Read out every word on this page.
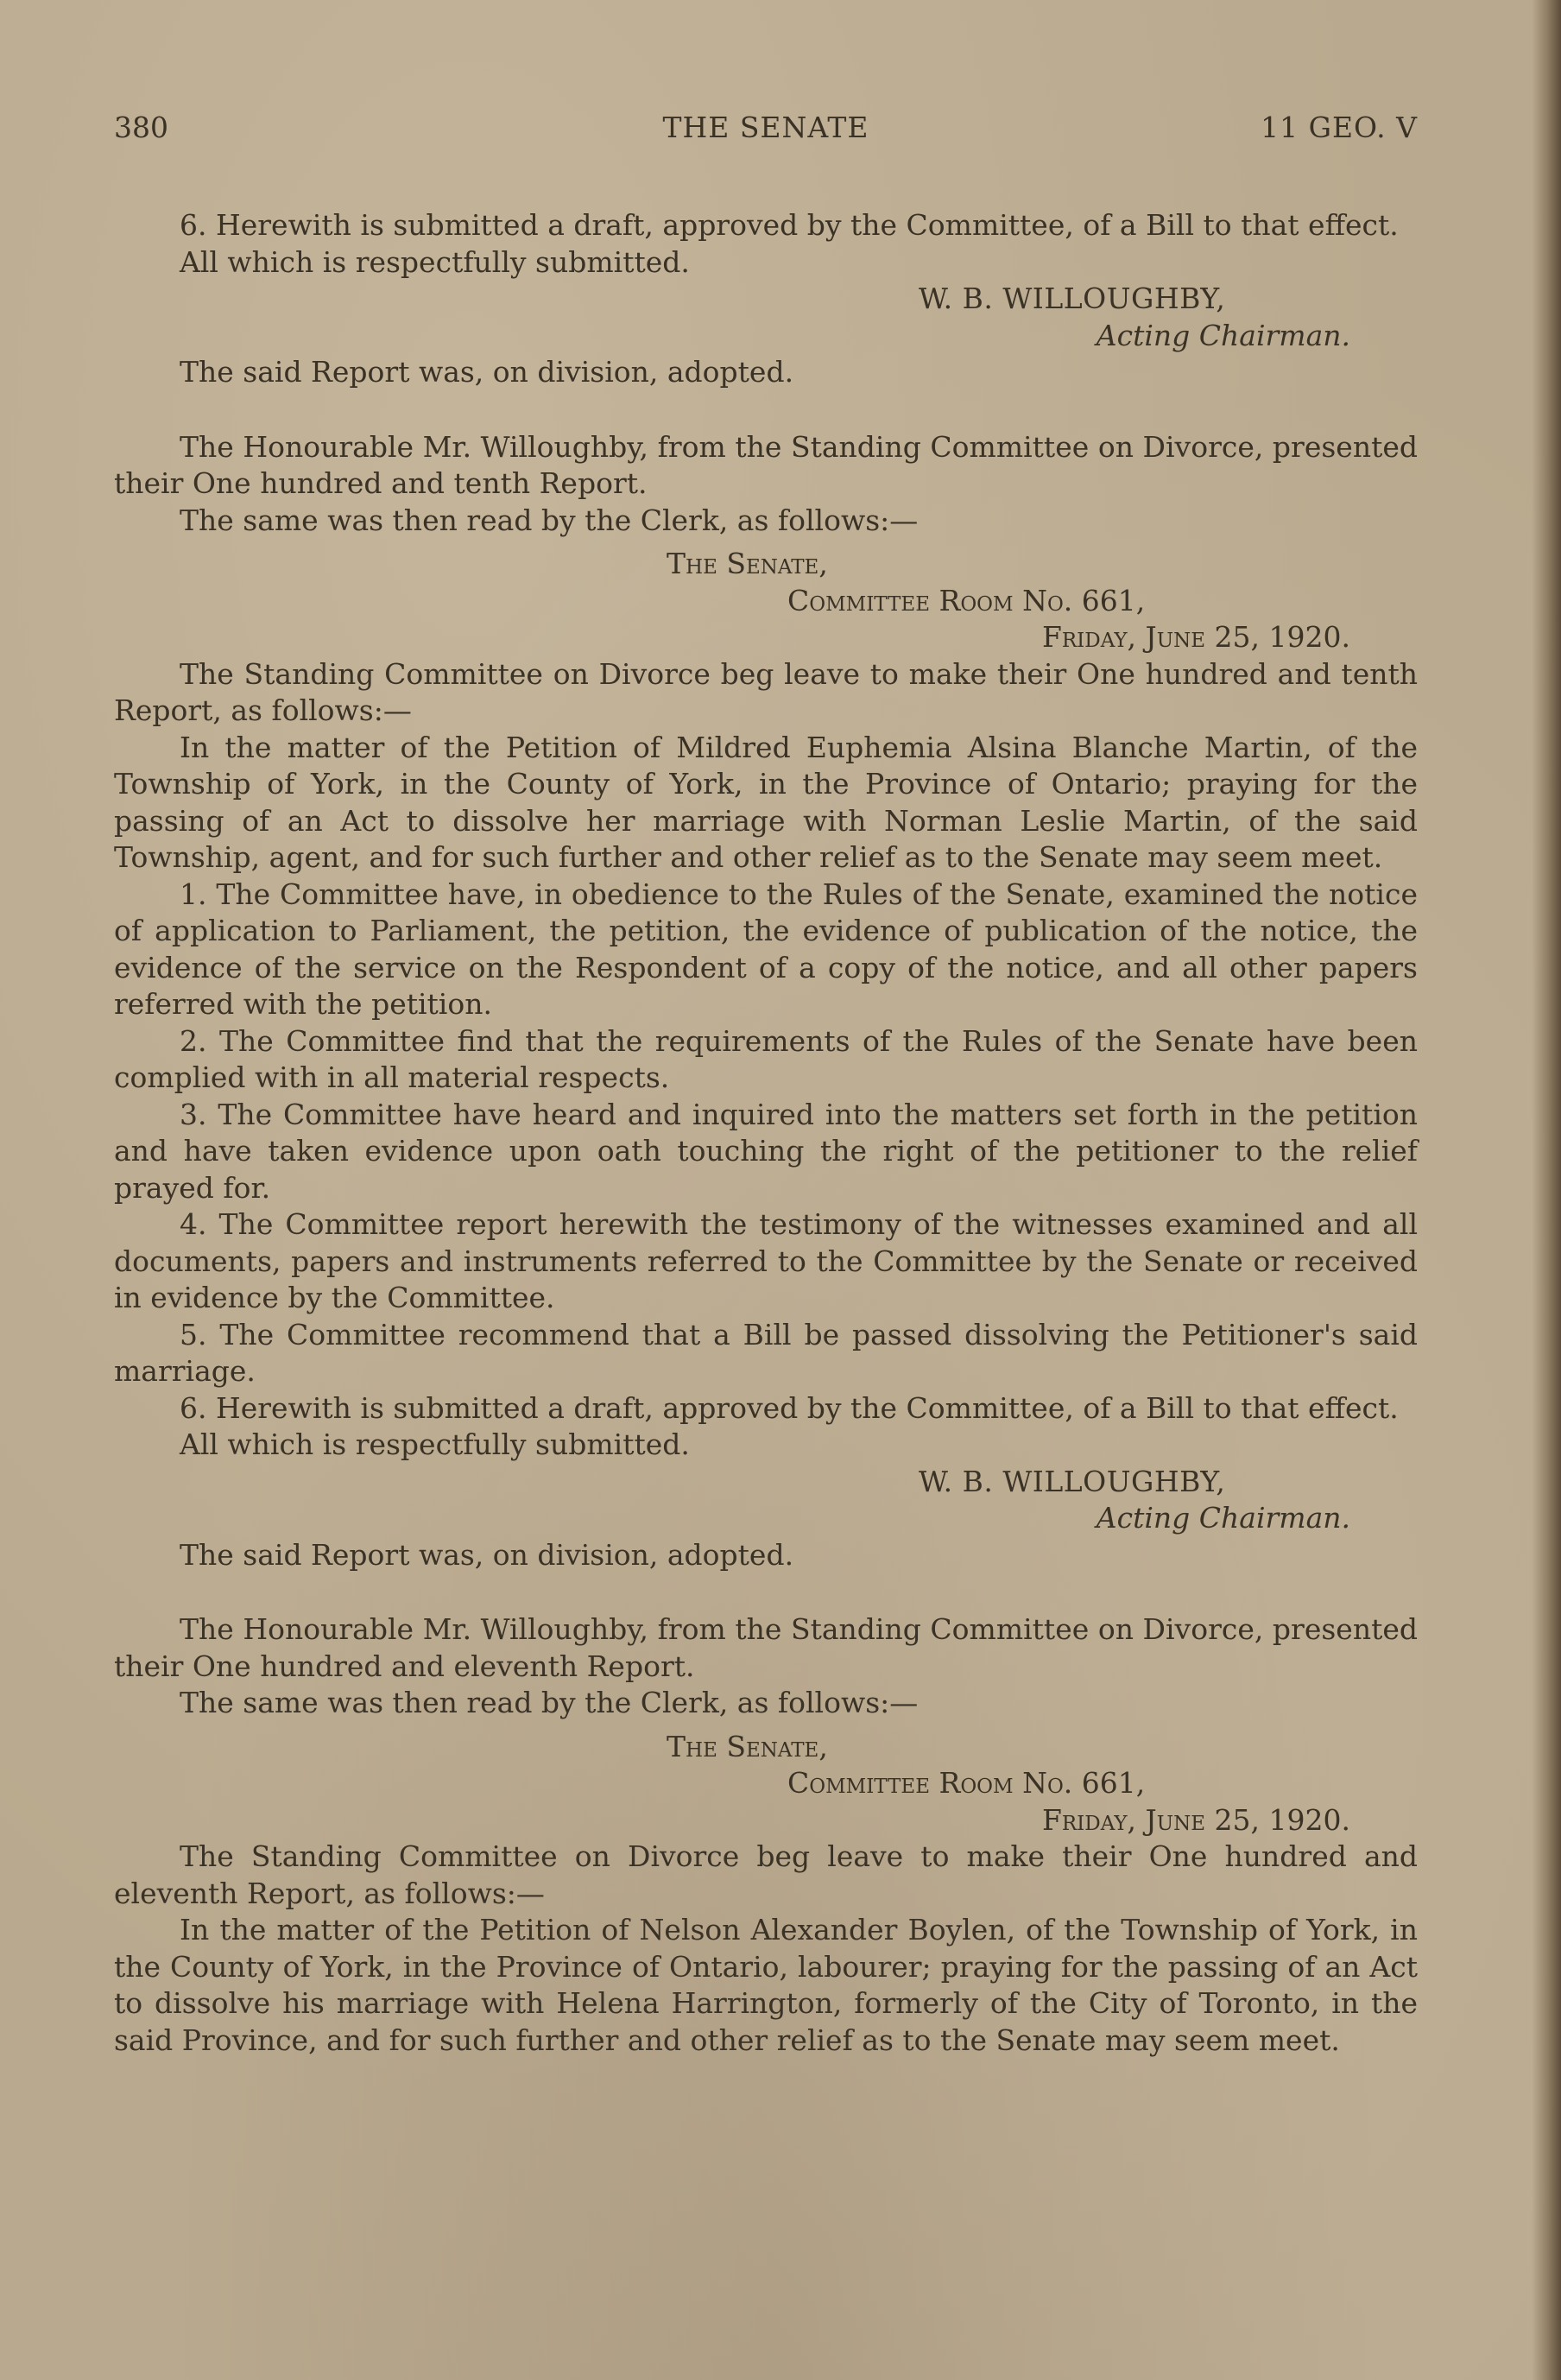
380	THE SENATE	11 GEO. V

6. Herewith is submitted a draft, approved by the Committee, of a Bill to that effect.

All which is respectfully submitted.

W. B. WILLOUGHBY,

Acting Chairman.

The said Report was, on division, adopted.

The Honourable Mr. Willoughby, from the Standing Committee on Divorce, presented their One hundred and tenth Report.

The same was then read by the Clerk, as follows:—

The Senate,

Committee Room No. 661,

Friday, June 25, 1920.

The Standing Committee on Divorce beg leave to make their One hundred and tenth Report, as follows:—

In the matter of the Petition of Mildred Euphemia Alsina Blanche Martin, of the Township of York, in the County of York, in the Province of Ontario; praying for the passing of an Act to dissolve her marriage with Norman Leslie Martin, of the said Township, agent, and for such further and other relief as to the Senate may seem meet.

1. The Committee have, in obedience to the Rules of the Senate, examined the notice of application to Parliament, the petition, the evidence of publication of the notice, the evidence of the service on the Respondent of a copy of the notice, and all other papers referred with the petition.

2. The Committee find that the requirements of the Rules of the Senate have been complied with in all material respects.

3. The Committee have heard and inquired into the matters set forth in the petition and have taken evidence upon oath touching the right of the petitioner to the relief prayed for.

4. The Committee report herewith the testimony of the witnesses examined and all documents, papers and instruments referred to the Committee by the Senate or received in evidence by the Committee.

5. The Committee recommend that a Bill be passed dissolving the Petitioner's said marriage.

6. Herewith is submitted a draft, approved by the Committee, of a Bill to that effect.

All which is respectfully submitted.

W. B. WILLOUGHBY,

Acting Chairman.

The said Report was, on division, adopted.

The Honourable Mr. Willoughby, from the Standing Committee on Divorce, presented their One hundred and eleventh Report.

The same was then read by the Clerk, as follows:—

The Senate,

Committee Room No. 661,

Friday, June 25, 1920.

The Standing Committee on Divorce beg leave to make their One hundred and eleventh Report, as follows:—

In the matter of the Petition of Nelson Alexander Boylen, of the Township of York, in the County of York, in the Province of Ontario, labourer; praying for the passing of an Act to dissolve his marriage with Helena Harrington, formerly of the City of Toronto, in the said Province, and for such further and other relief as to the Senate may seem meet.
